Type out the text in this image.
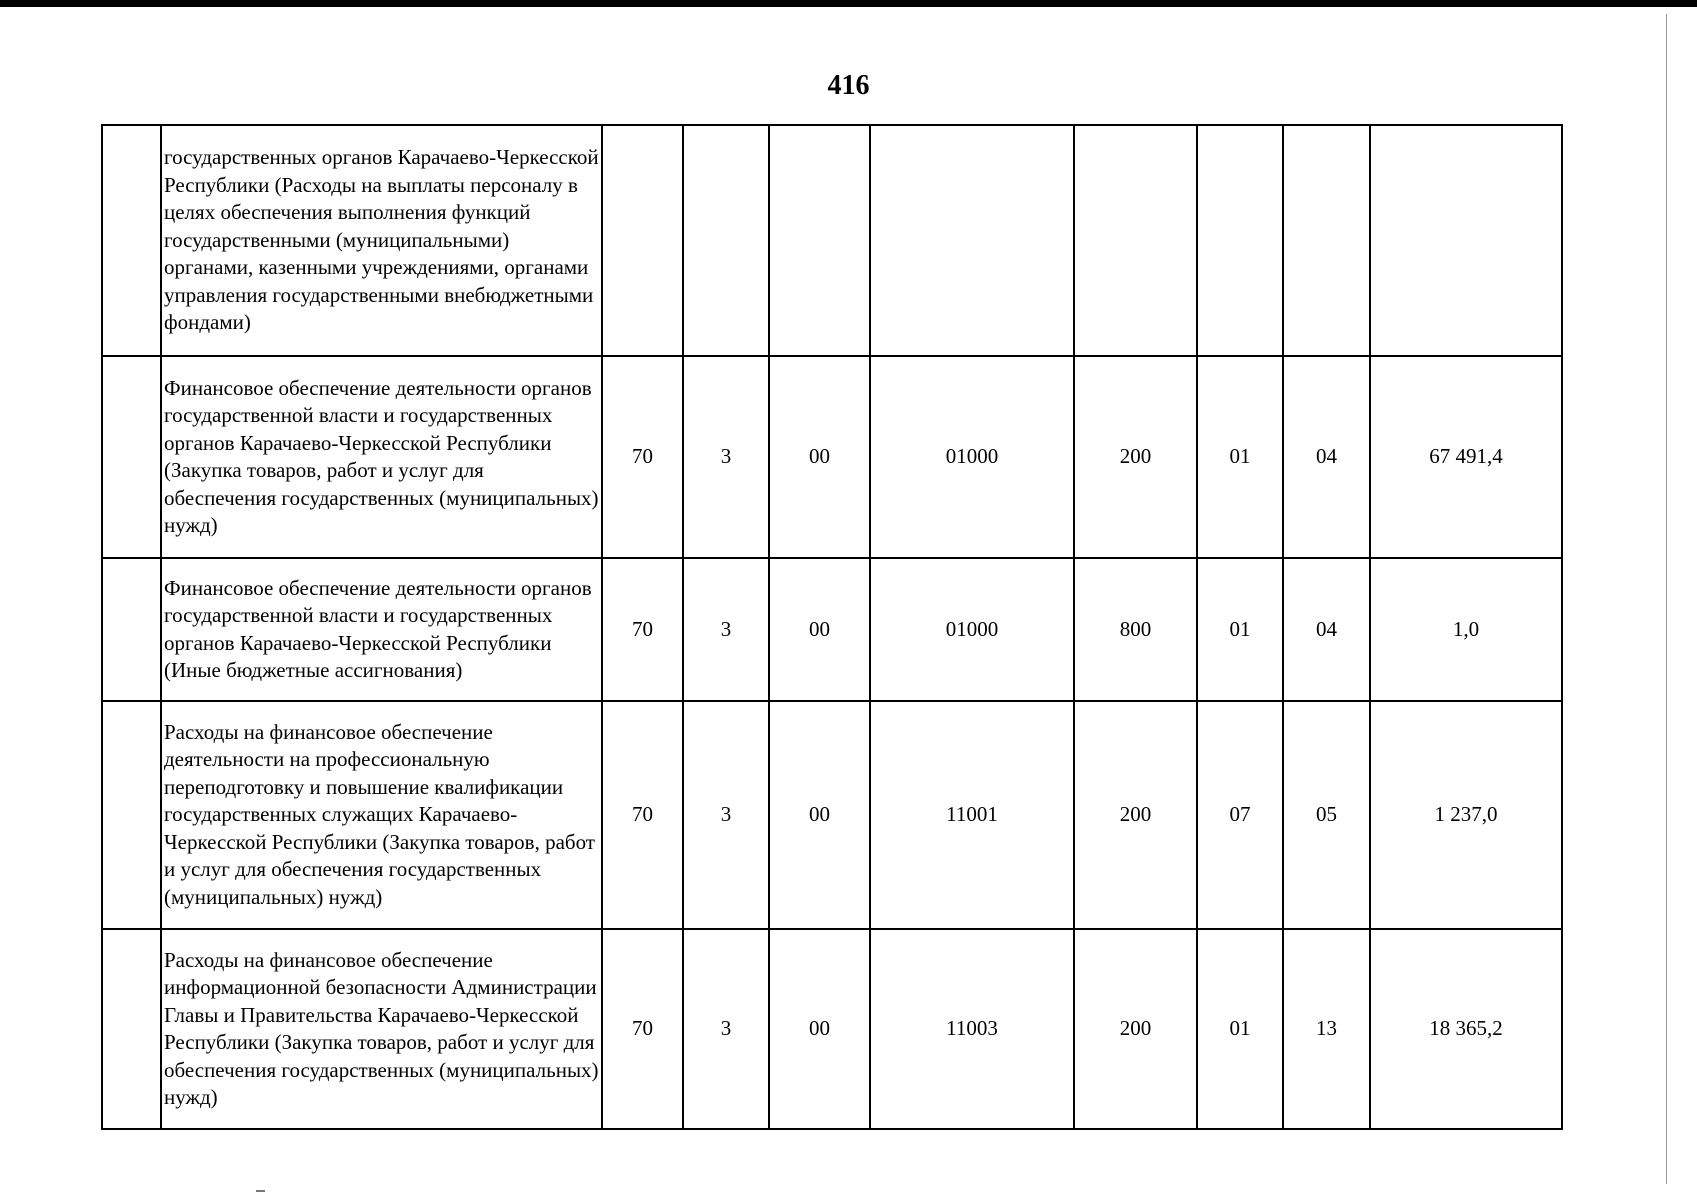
416
	государственных органов Карачаево-Черкесской Республики (Расходы на выплаты персоналу в целях обеспечения выполнения функций государственными (муниципальными) органами, казенными учреждениями, органами управления государственными внебюджетными фондами)								
	Финансовое обеспечение деятельности органов государственной власти и государственных органов Карачаево-Черкесской Республики (Закупка товаров, работ и услуг для обеспечения государственных (муниципальных) нужд)	70	3	00	01000	200	01	04	67 491,4
	Финансовое обеспечение деятельности органов государственной власти и государственных органов Карачаево-Черкесской Республики (Иные бюджетные ассигнования)	70	3	00	01000	800	01	04	1,0
	Расходы на финансовое обеспечение деятельности на профессиональную переподготовку и повышение квалификации государственных служащих Карачаево-Черкесской Республики (Закупка товаров, работ и услуг для обеспечения государственных (муниципальных) нужд)	70	3	00	11001	200	07	05	1 237,0
	Расходы на финансовое обеспечение информационной безопасности Администрации Главы и Правительства Карачаево-Черкесской Республики (Закупка товаров, работ и услуг для обеспечения государственных (муниципальных) нужд)	70	3	00	11003	200	01	13	18 365,2
